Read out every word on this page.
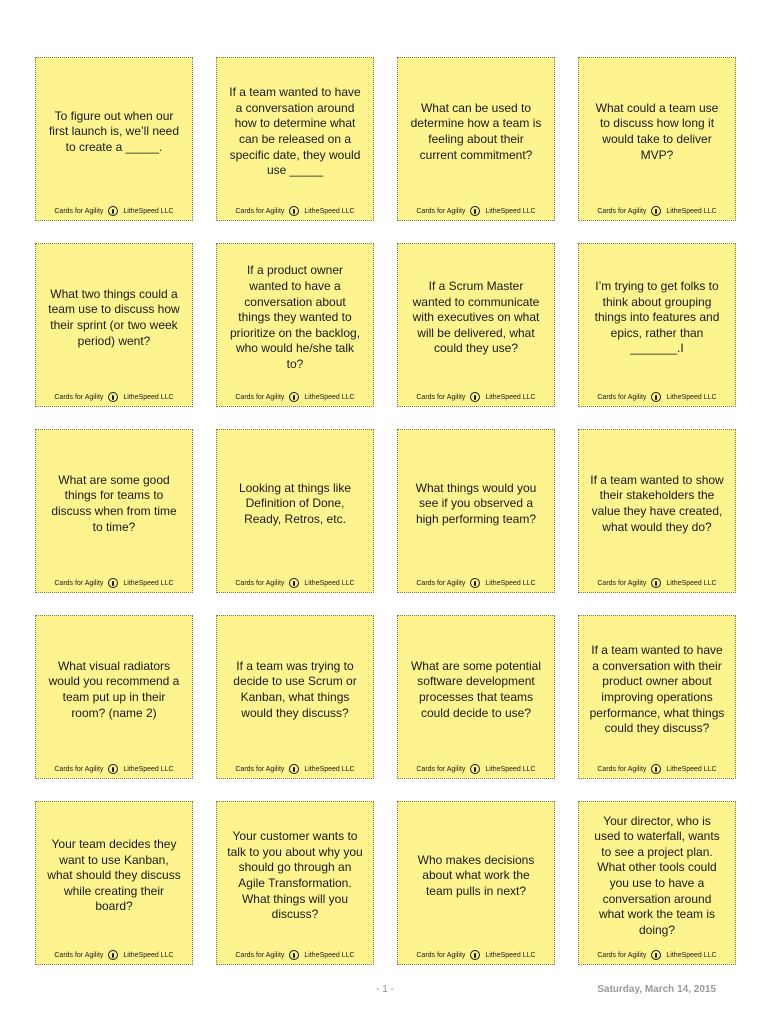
To figure out when our first launch is, we’ll need to create a _____.
Cards for Agility	LitheSpeed LLC
If a team wanted to have a conversation around how to determine what can be released on a specific date, they would use _____
Cards for Agility	LitheSpeed LLC
What can be used to determine how a team is feeling about their current commitment?
Cards for Agility	LitheSpeed LLC
What could a team use to discuss how long it would take to deliver MVP?
Cards for Agility	LitheSpeed LLC
What two things could a team use to discuss how their sprint (or two week period) went?
Cards for Agility	LitheSpeed LLC
If a product owner wanted to have a conversation about things they wanted to prioritize on the backlog, who would he/she talk to?
Cards for Agility	LitheSpeed LLC
If a Scrum Master wanted to communicate with executives on what will be delivered, what could they use?
Cards for Agility	LitheSpeed LLC
I’m trying to get folks to think about grouping things into features and epics, rather than _______.I
Cards for Agility	LitheSpeed LLC
What are some good things for teams to discuss when from time to time?
Cards for Agility	LitheSpeed LLC
Looking at things like Definition of Done, Ready, Retros, etc.
Cards for Agility	LitheSpeed LLC
What things would you see if you observed a high performing team?
Cards for Agility	LitheSpeed LLC
If a team wanted to show their stakeholders the value they have created, what would they do?
Cards for Agility	LitheSpeed LLC
What visual radiators would you recommend a team put up in their room? (name 2)
Cards for Agility	LitheSpeed LLC
If a team was trying to decide to use Scrum or Kanban, what things would they discuss?
Cards for Agility	LitheSpeed LLC
What are some potential software development processes that teams could decide to use?
Cards for Agility	LitheSpeed LLC
If a team wanted to have a conversation with their product owner about improving operations performance, what things could they discuss?
Cards for Agility	LitheSpeed LLC
Your team decides they want to use Kanban, what should they discuss while creating their board?
Cards for Agility	LitheSpeed LLC
Your customer wants to talk to you about why you should go through an Agile Transformation. What things will you discuss?
Cards for Agility	LitheSpeed LLC
Who makes decisions about what work the team pulls in next?
Cards for Agility	LitheSpeed LLC
Your director, who is used to waterfall, wants to see a project plan. What other tools could you use to have a conversation around what work the team is doing?
Cards for Agility	LitheSpeed LLC
- 1 -	Saturday, March 14, 2015
